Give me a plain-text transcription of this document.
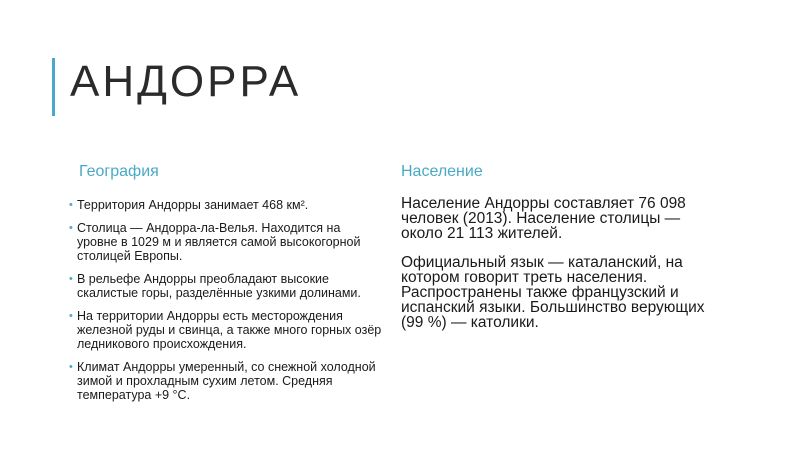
АНДОРРА
География
• Территория Андорры занимает 468 км².
• Столица — Андорра-ла-Велья. Находится на уровне в 1029 м и является самой высокогорной столицей Европы.
• В рельефе Андорры преобладают высокие скалистые горы, разделённые узкими долинами.
• На территории Андорры есть месторождения железной руды и свинца, а также много горных озёр ледникового происхождения.
• Климат Андорры умеренный, со снежной холодной зимой и прохладным сухим летом. Средняя температура +9 °C.
Население

Население Андорры составляет 76 098 человек (2013). Население столицы — около 21 113 жителей.

Официальный язык — каталанский, на котором говорит треть населения. Распространены также французский и испанский языки. Большинство верующих (99 %) — католики.
